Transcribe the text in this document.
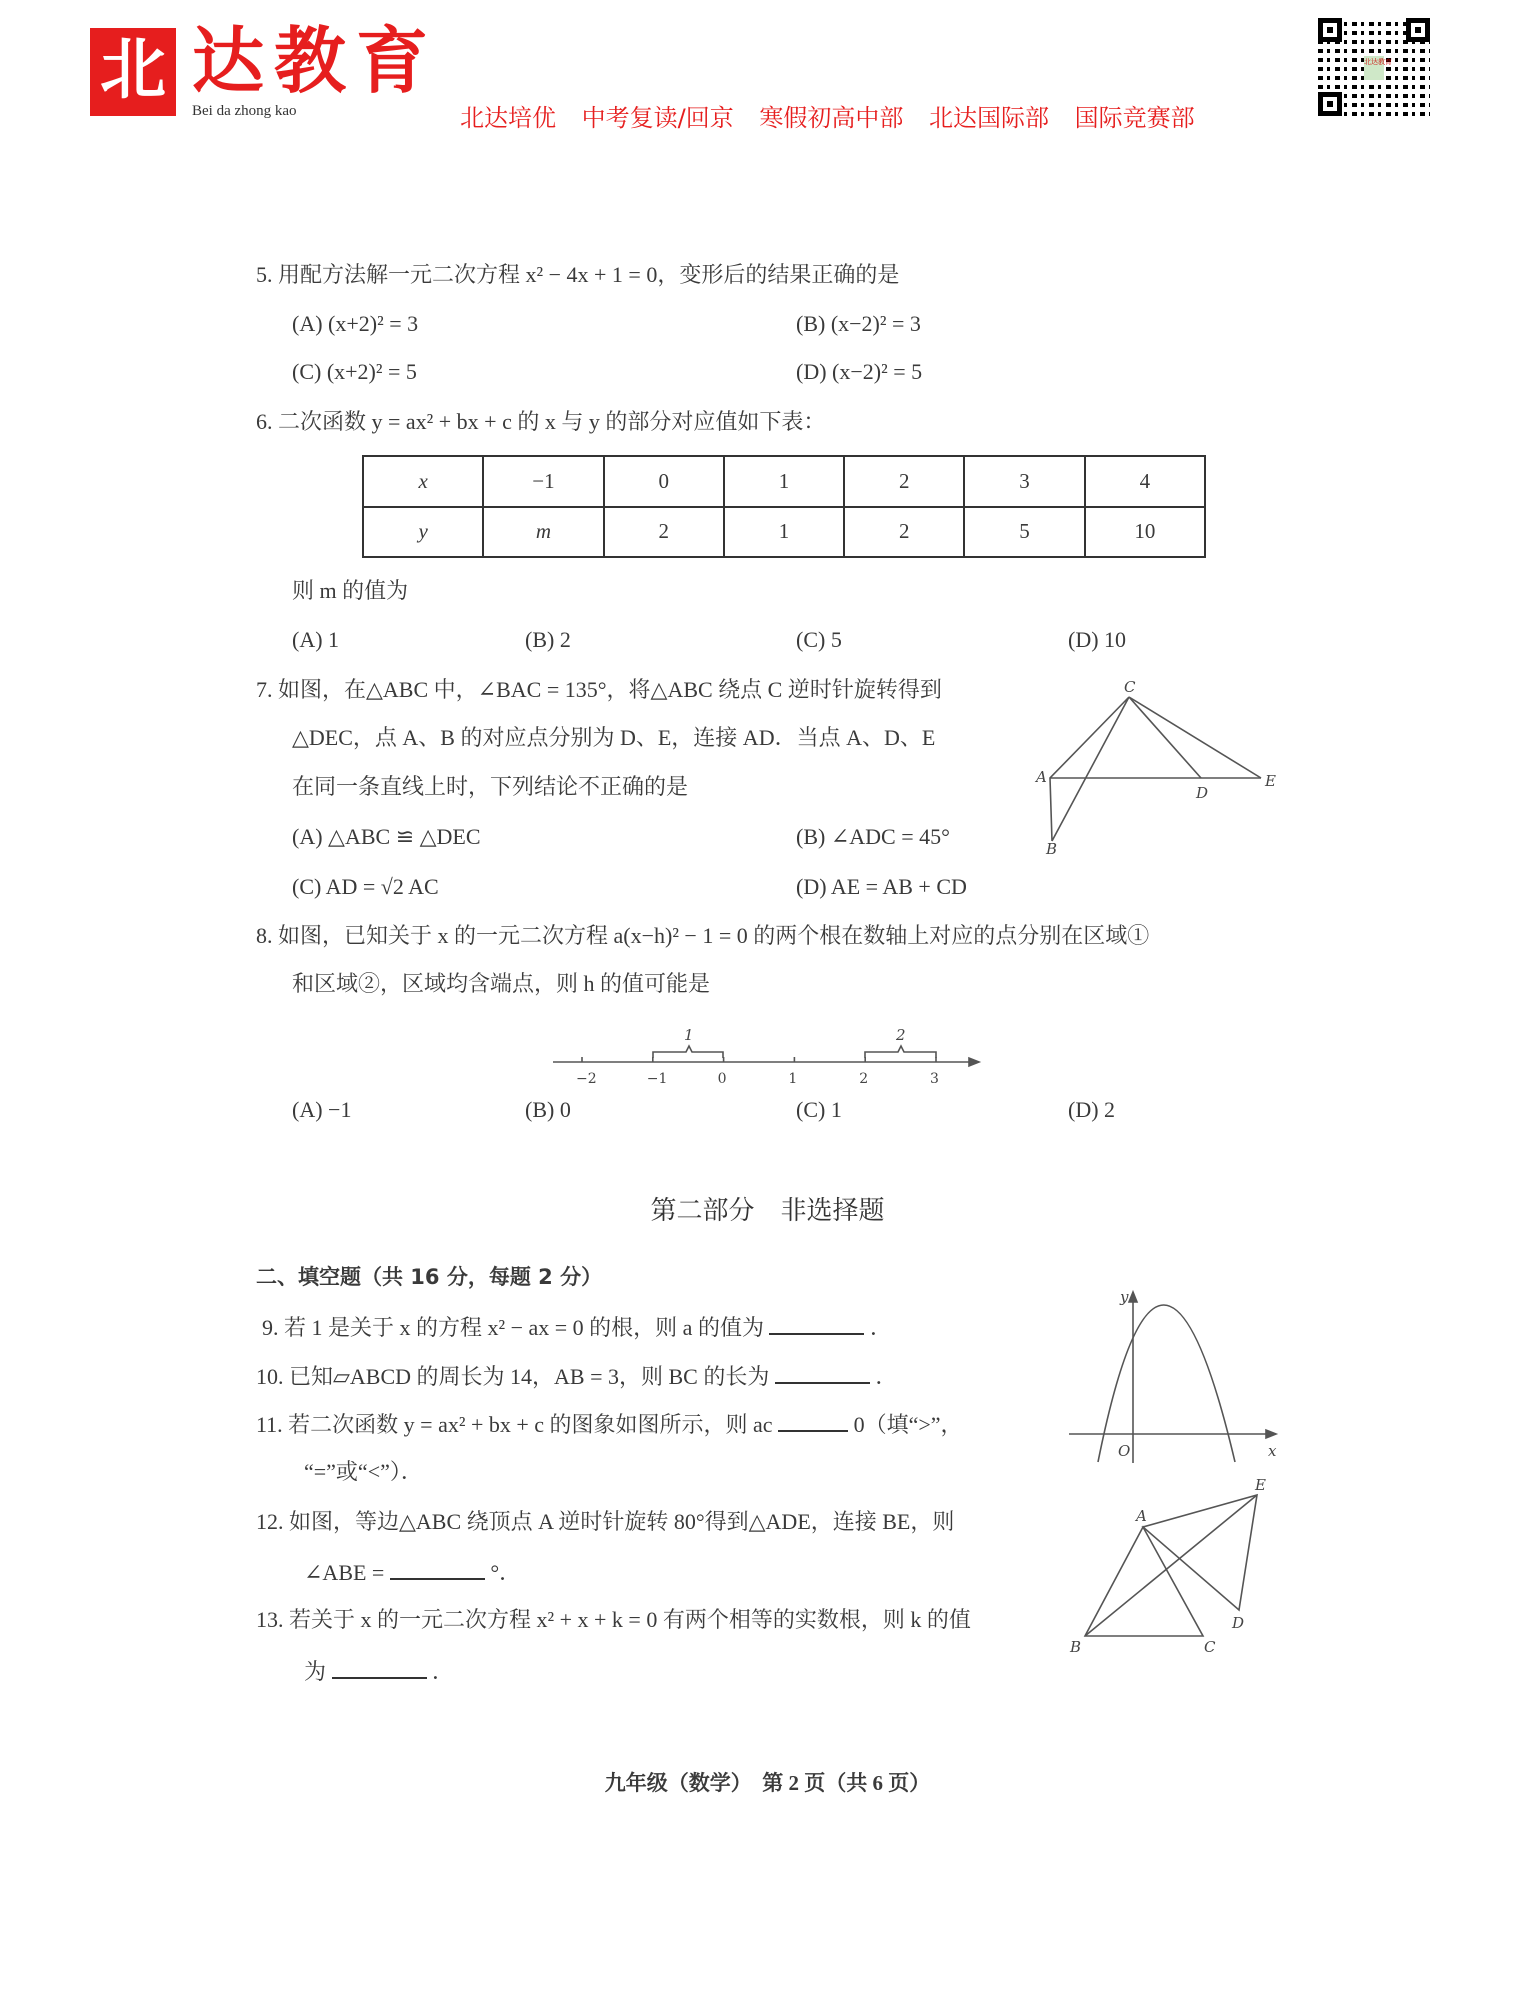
北 达教育
Bei da zhong kao	北达培优 中考复读/回京 寒假初高中部 北达国际部 国际竞赛部
北达教育
5. 用配方法解一元二次方程 x² − 4x + 1 = 0，变形后的结果正确的是
(A) (x+2)² = 3	(B) (x−2)² = 3
(C) (x+2)² = 5	(D) (x−2)² = 5
6. 二次函数 y = ax² + bx + c 的 x 与 y 的部分对应值如下表：
x	−1	0	1	2	3	4
y	m	2	1	2	5	10
则 m 的值为
(A) 1	(B) 2	(C) 5	(D) 10
7. 如图，在△ABC 中，∠BAC = 135°，将△ABC 绕点 C 逆时针旋转得到
△DEC，点 A、B 的对应点分别为 D、E，连接 AD．当点 A、D、E
在同一条直线上时，下列结论不正确的是
(A) △ABC ≌ △DEC	(B) ∠ADC = 45°
(C) AD = √2 AC	(D) AE = AB + CD
8. 如图，已知关于 x 的一元二次方程 a(x−h)² − 1 = 0 的两个根在数轴上对应的点分别在区域①
和区域②，区域均含端点，则 h 的值可能是
(A) −1	(B) 0	(C) 1	(D) 2
第二部分　非选择题
二、填空题（共 16 分，每题 2 分）
9. 若 1 是关于 x 的方程 x² − ax = 0 的根，则 a 的值为	．
10. 已知▱ABCD 的周长为 14，AB = 3，则 BC 的长为	．
11. 若二次函数 y = ax² + bx + c 的图象如图所示，则 ac	0（填“>”，
“=”或“<”）．
12. 如图，等边△ABC 绕顶点 A 逆时针旋转 80°得到△ADE，连接 BE，则
∠ABE =	°．
13. 若关于 x 的一元二次方程 x² + x + k = 0 有两个相等的实数根，则 k 的值
为	．
九年级（数学）　第 2 页（共 6 页）
C
A	E
D
B
−2	−1	0	1	2	3
1	2
y
O	x
E
A
B	C
D
